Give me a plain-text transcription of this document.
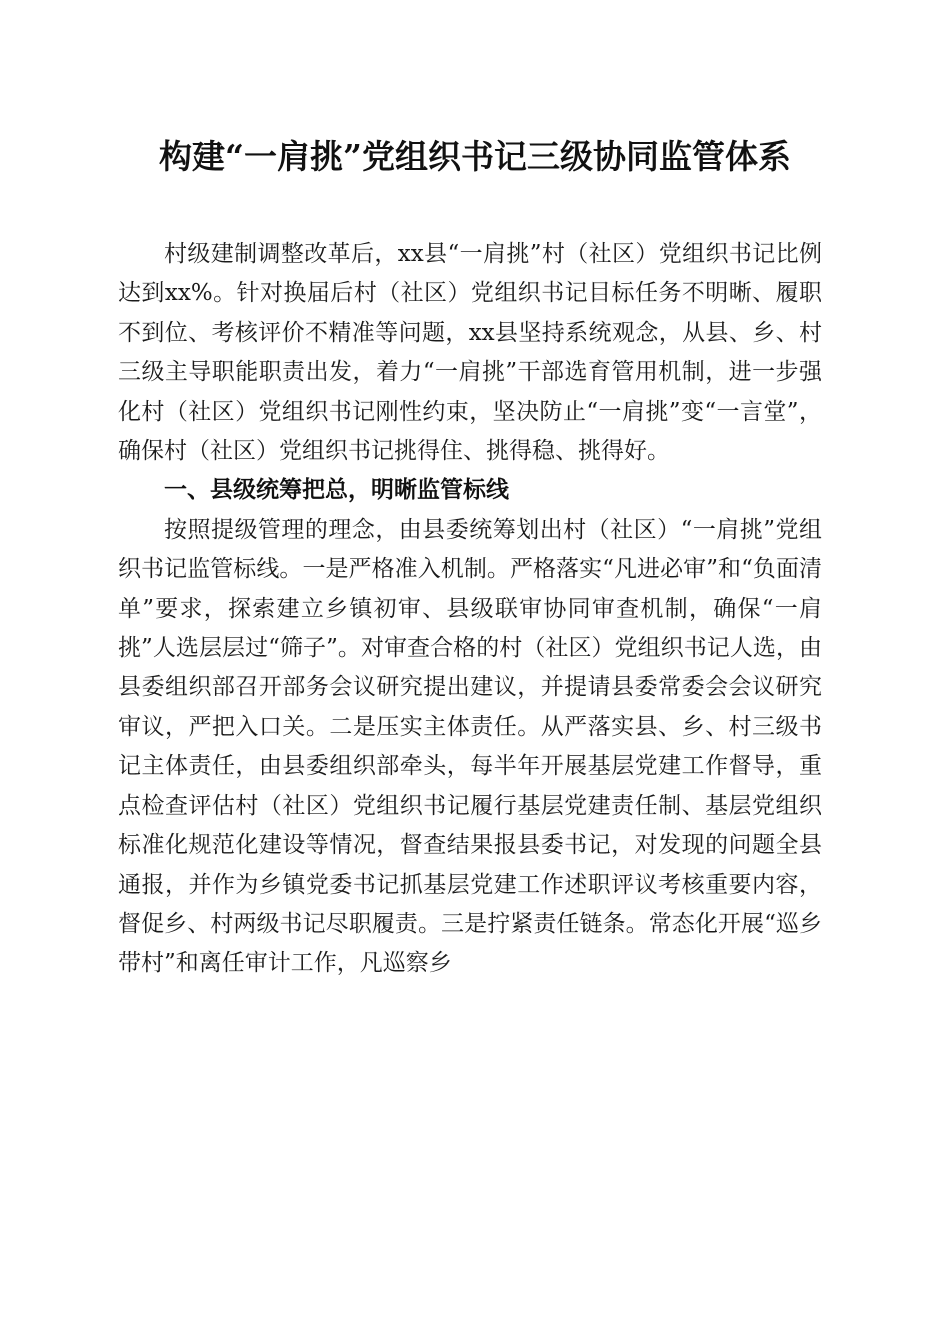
构建“一肩挑”党组织书记三级协同监管体系

村级建制调整改革后，xx县“一肩挑”村（社区）党组织书记比例达到xx%。针对换届后村（社区）党组织书记目标任务不明晰、履职不到位、考核评价不精准等问题，xx县坚持系统观念，从县、乡、村三级主导职能职责出发，着力“一肩挑”干部选育管用机制，进一步强化村（社区）党组织书记刚性约束，坚决防止“一肩挑”变“一言堂”，确保村（社区）党组织书记挑得住、挑得稳、挑得好。

一、县级统筹把总，明晰监管标线

按照提级管理的理念，由县委统筹划出村（社区）“一肩挑”党组织书记监管标线。一是严格准入机制。严格落实“凡进必审”和“负面清单”要求，探索建立乡镇初审、县级联审协同审查机制，确保“一肩挑”人选层层过“筛子”。对审查合格的村（社区）党组织书记人选，由县委组织部召开部务会议研究提出建议，并提请县委常委会会议研究审议，严把入口关。二是压实主体责任。从严落实县、乡、村三级书记主体责任，由县委组织部牵头，每半年开展基层党建工作督导，重点检查评估村（社区）党组织书记履行基层党建责任制、基层党组织标准化规范化建设等情况，督查结果报县委书记，对发现的问题全县通报，并作为乡镇党委书记抓基层党建工作述职评议考核重要内容，督促乡、村两级书记尽职履责。三是拧紧责任链条。常态化开展“巡乡带村”和离任审计工作，凡巡察乡
